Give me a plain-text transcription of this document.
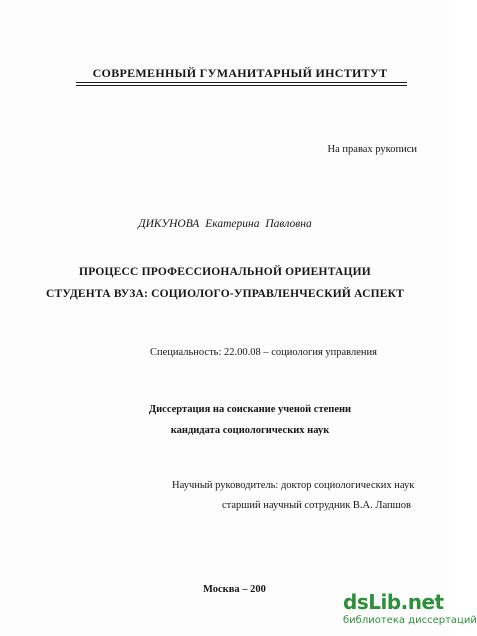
СОВРЕМЕНHЫЙ ГУМАНИТАРНЫЙ ИНСТИТУТ
На правах рукописи
ДИКУНОВА Екатерина Павловна
ПРОЦЕСС ПРОФЕССИОНАЛЬНОЙ ОРИЕНТАЦИИ
СТУДЕНТА ВУЗА: СОЦИОЛОГО-УПРАВЛЕНЧЕСКИЙ АСПЕКТ
Специальность: 22.00.08 – социология управления
Диссертация на соискание ученой степени
кандидата социологических наук
Научный руководитель: доктор социологических наук
старший научный сотрудник В.А. Лапшов
Москва – 200
dsLib.net
библиотека диссертаций
